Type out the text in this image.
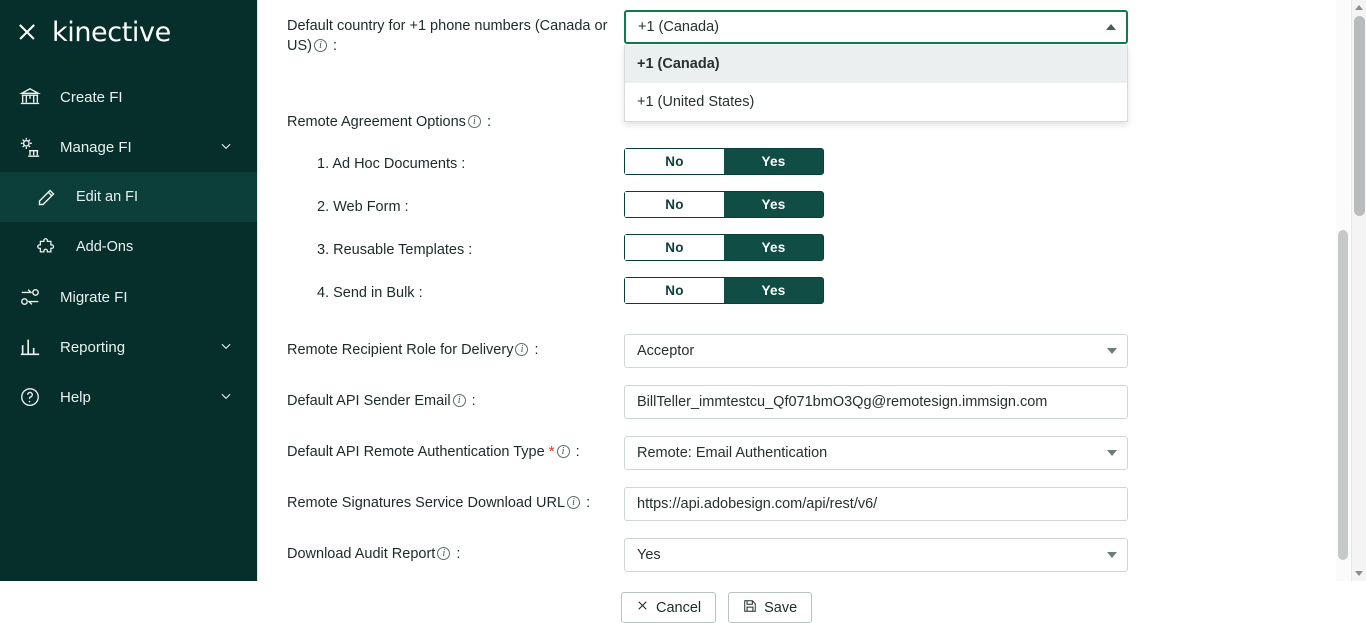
kinective
Create FI
Manage FI
Edit an FI
Add-Ons
Migrate FI
Reporting
Help
Default country for +1 phone numbers (Canada or US)i :
+1 (Canada)
+1 (Canada)
+1 (United States)
Remote Agreement Optionsi :
1. Ad Hoc Documents :	No	Yes
2. Web Form :	No	Yes
3. Reusable Templates :	No	Yes
4. Send in Bulk :	No	Yes
Remote Recipient Role for Deliveryi :	Acceptor
Default API Sender Emaili :	BillTeller_immtestcu_Qf071bmO3Qg@remotesign.immsign.com
Default API Remote Authentication Type *i :	Remote: Email Authentication
Remote Signatures Service Download URLi :	https://api.adobesign.com/api/rest/v6/
Download Audit Reporti :	Yes
Cancel	Save
